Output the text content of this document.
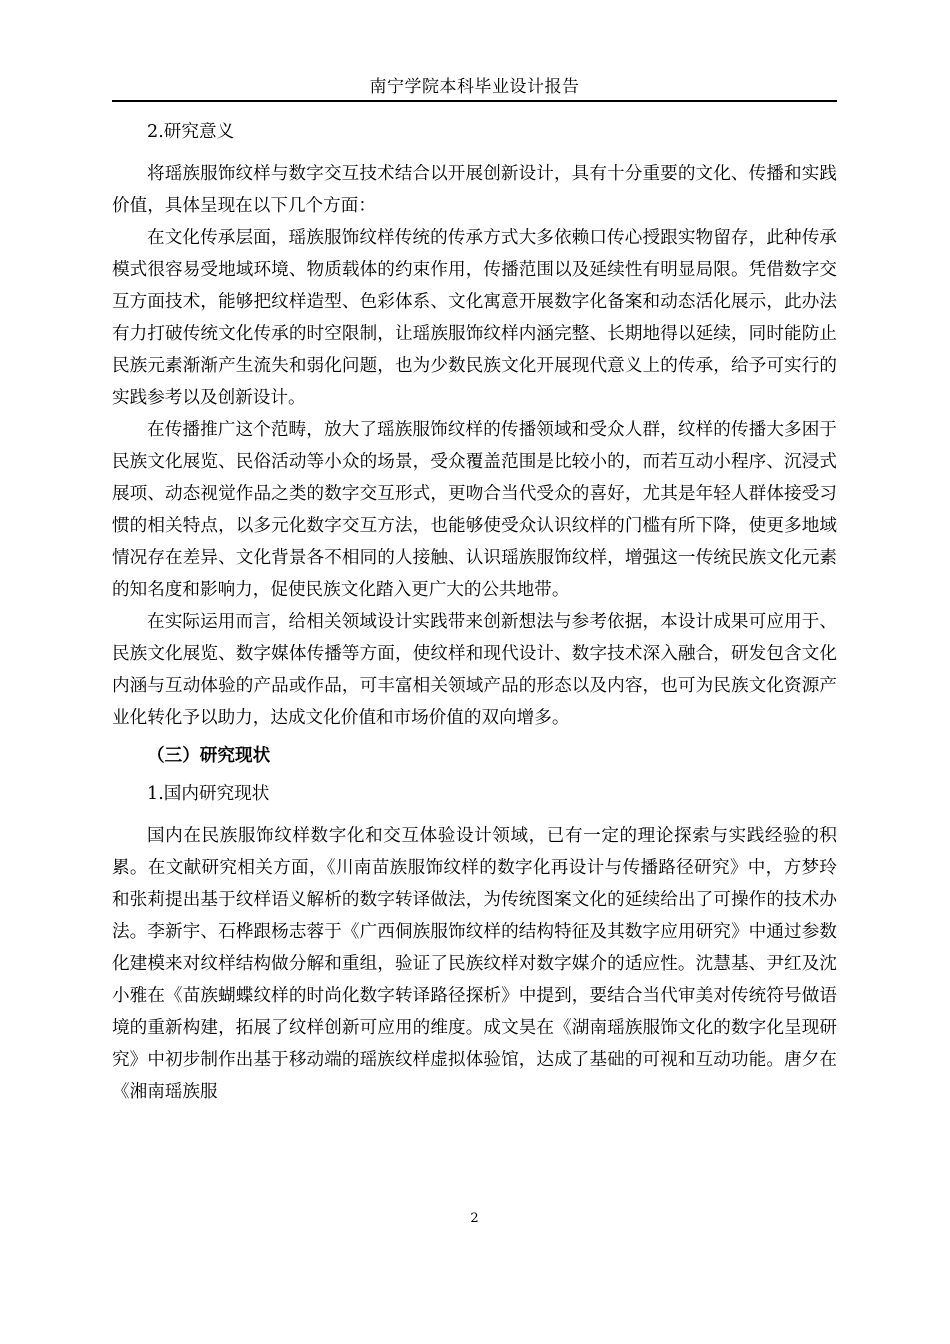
南宁学院本科毕业设计报告

2.研究意义

将瑶族服饰纹样与数字交互技术结合以开展创新设计，具有十分重要的文化、传播和实践价值，具体呈现在以下几个方面：

在文化传承层面，瑶族服饰纹样传统的传承方式大多依赖口传心授跟实物留存，此种传承模式很容易受地域环境、物质载体的约束作用，传播范围以及延续性有明显局限。凭借数字交互方面技术，能够把纹样造型、色彩体系、文化寓意开展数字化备案和动态活化展示，此办法有力打破传统文化传承的时空限制，让瑶族服饰纹样内涵完整、长期地得以延续，同时能防止民族元素渐渐产生流失和弱化问题，也为少数民族文化开展现代意义上的传承，给予可实行的实践参考以及创新设计。

在传播推广这个范畴，放大了瑶族服饰纹样的传播领域和受众人群，纹样的传播大多困于民族文化展览、民俗活动等小众的场景，受众覆盖范围是比较小的，而若互动小程序、沉浸式展项、动态视觉作品之类的数字交互形式，更吻合当代受众的喜好，尤其是年轻人群体接受习惯的相关特点，以多元化数字交互方法，也能够使受众认识纹样的门槛有所下降，使更多地域情况存在差异、文化背景各不相同的人接触、认识瑶族服饰纹样，增强这一传统民族文化元素的知名度和影响力，促使民族文化踏入更广大的公共地带。

在实际运用而言，给相关领域设计实践带来创新想法与参考依据，本设计成果可应用于、民族文化展览、数字媒体传播等方面，使纹样和现代设计、数字技术深入融合，研发包含文化内涵与互动体验的产品或作品，可丰富相关领域产品的形态以及内容，也可为民族文化资源产业化转化予以助力，达成文化价值和市场价值的双向增多。

（三）研究现状

1.国内研究现状

国内在民族服饰纹样数字化和交互体验设计领域，已有一定的理论探索与实践经验的积累。在文献研究相关方面，《川南苗族服饰纹样的数字化再设计与传播路径研究》中，方梦玲和张莉提出基于纹样语义解析的数字转译做法，为传统图案文化的延续给出了可操作的技术办法。李新宇、石桦跟杨志蓉于《广西侗族服饰纹样的结构特征及其数字应用研究》中通过参数化建模来对纹样结构做分解和重组，验证了民族纹样对数字媒介的适应性。沈慧基、尹红及沈小雅在《苗族蝴蝶纹样的时尚化数字转译路径探析》中提到，要结合当代审美对传统符号做语境的重新构建，拓展了纹样创新可应用的维度。成文昊在《湖南瑶族服饰文化的数字化呈现研究》中初步制作出基于移动端的瑶族纹样虚拟体验馆，达成了基础的可视和互动功能。唐夕在《湘南瑶族服

2
